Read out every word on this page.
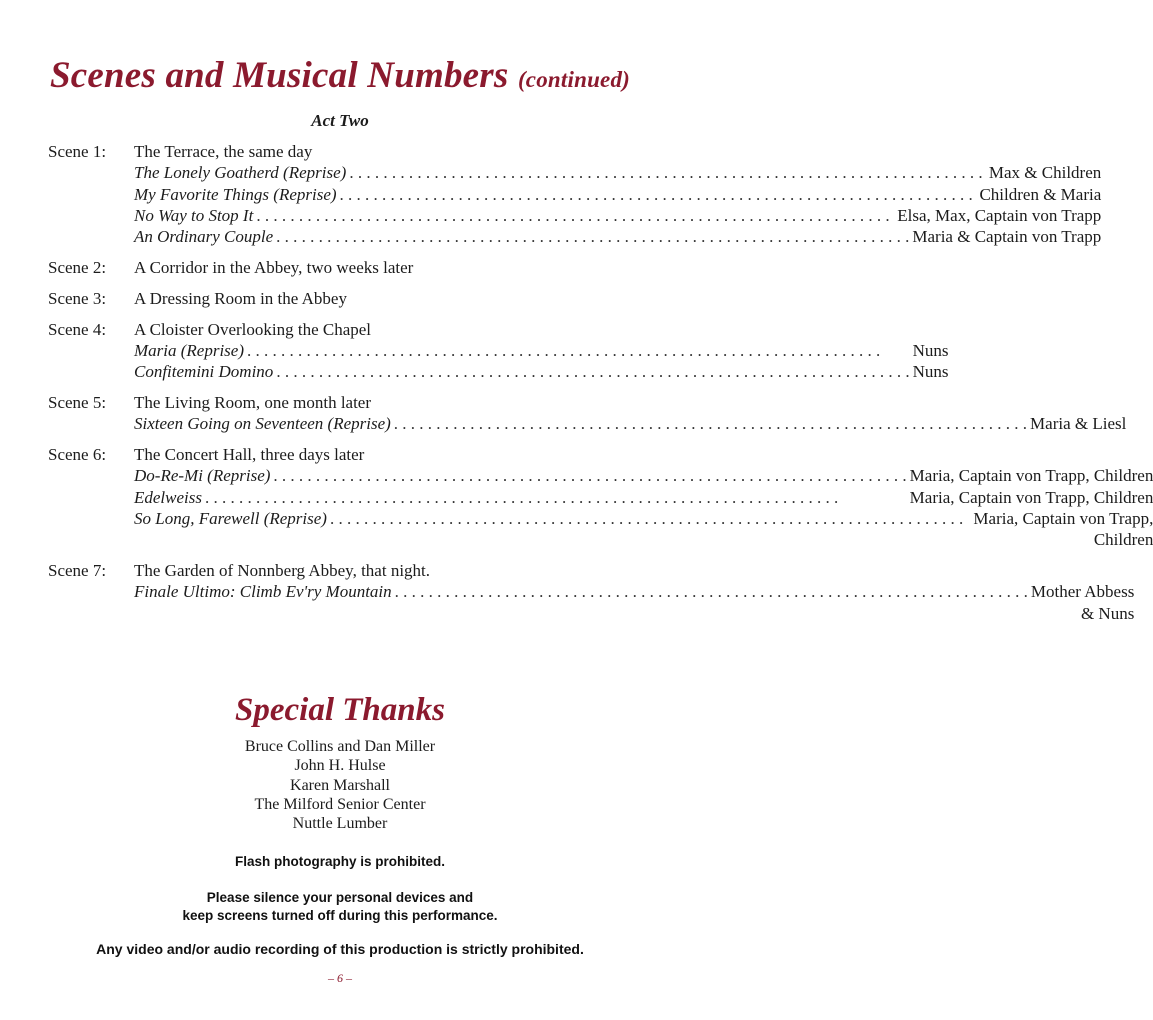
Scenes and Musical Numbers (continued)
Act Two
Scene 1:	The Terrace, the same day
The Lonely Goatherd (Reprise) . . .	Max & Children
My Favorite Things (Reprise) . . .	Children & Maria
No Way to Stop It . . .	Elsa, Max, Captain von Trapp
An Ordinary Couple . . .	Maria & Captain von Trapp
Scene 2:	A Corridor in the Abbey, two weeks later
Scene 3:	A Dressing Room in the Abbey
Scene 4:	A Cloister Overlooking the Chapel
Maria (Reprise) . . .	Nuns
Confitemini Domino . . .	Nuns
Scene 5:	The Living Room, one month later
Sixteen Going on Seventeen (Reprise) . . .	Maria & Liesl
Scene 6:	The Concert Hall, three days later
Do-Re-Mi (Reprise) . . .	Maria, Captain von Trapp, Children
Edelweiss . . .	Maria, Captain von Trapp, Children
So Long, Farewell (Reprise) . . .	Maria, Captain von Trapp,
Children
Scene 7:	The Garden of Nonnberg Abbey, that night.
Finale Ultimo: Climb Ev'ry Mountain . . .	Mother Abbess
& Nuns
Special Thanks
Bruce Collins and Dan Miller
John H. Hulse
Karen Marshall
The Milford Senior Center
Nuttle Lumber
Flash photography is prohibited.
Please silence your personal devices and
keep screens turned off during this performance.
Any video and/or audio recording of this production is strictly prohibited.
– 6 –
